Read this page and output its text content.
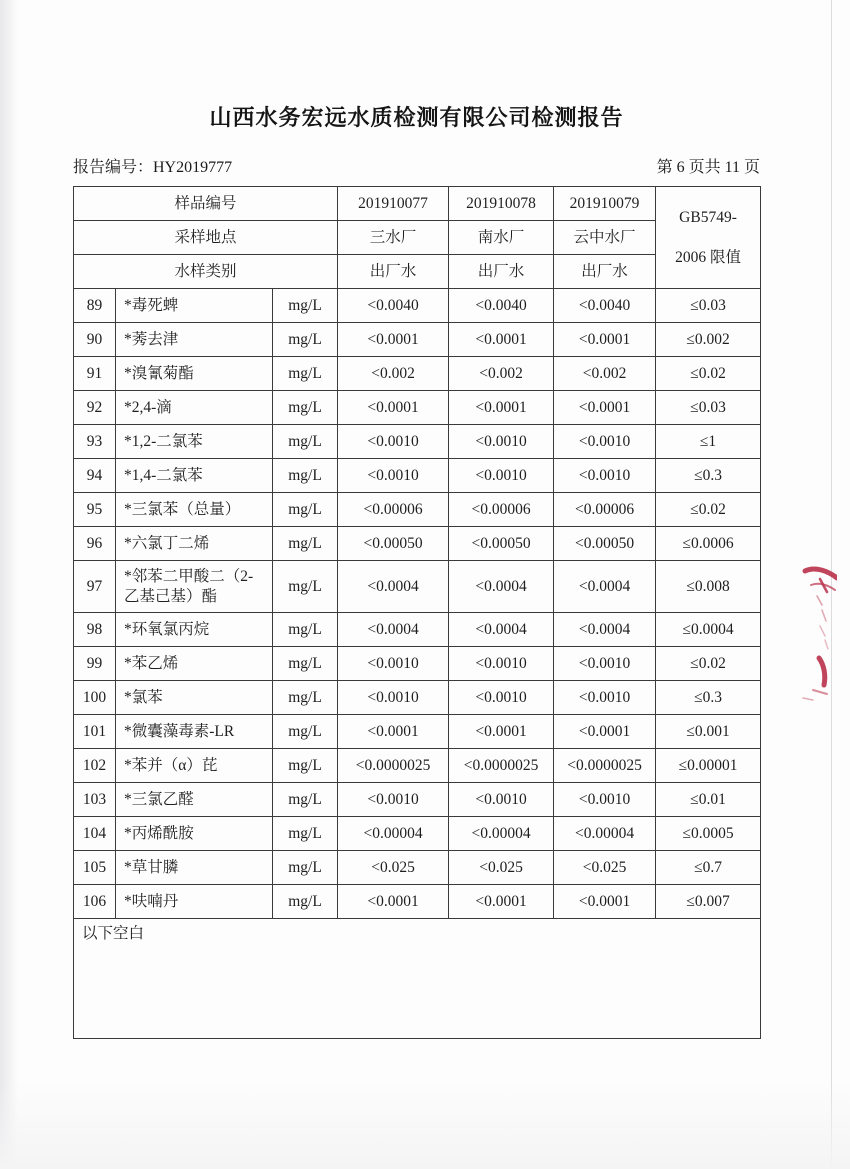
山西水务宏远水质检测有限公司检测报告
报告编号：HY2019777	第 6 页共 11 页
样品编号			201910077	201910078	201910079	GB5749-
2006 限值

采样地点			三水厂	南水厂	云中水厂	
水样类别			出厂水	出厂水	出厂水	
89	*毒死蜱	mg/L	<0.0040	<0.0040	<0.0040	≤0.03
90	*莠去津	mg/L	<0.0001	<0.0001	<0.0001	≤0.002
91	*溴氰菊酯	mg/L	<0.002	<0.002	<0.002	≤0.02
92	*2,4-滴	mg/L	<0.0001	<0.0001	<0.0001	≤0.03
93	*1,2-二氯苯	mg/L	<0.0010	<0.0010	<0.0010	≤1
94	*1,4-二氯苯	mg/L	<0.0010	<0.0010	<0.0010	≤0.3
95	*三氯苯（总量）	mg/L	<0.00006	<0.00006	<0.00006	≤0.02
96	*六氯丁二烯	mg/L	<0.00050	<0.00050	<0.00050	≤0.0006
97	*邻苯二甲酸二（2-乙基己基）酯	mg/L	<0.0004	<0.0004	<0.0004	≤0.008
98	*环氧氯丙烷	mg/L	<0.0004	<0.0004	<0.0004	≤0.0004
99	*苯乙烯	mg/L	<0.0010	<0.0010	<0.0010	≤0.02
100	*氯苯	mg/L	<0.0010	<0.0010	<0.0010	≤0.3
101	*微囊藻毒素-LR	mg/L	<0.0001	<0.0001	<0.0001	≤0.001
102	*苯并（α）芘	mg/L	<0.0000025	<0.0000025	<0.0000025	≤0.00001
103	*三氯乙醛	mg/L	<0.0010	<0.0010	<0.0010	≤0.01
104	*丙烯酰胺	mg/L	<0.00004	<0.00004	<0.00004	≤0.0005
105	*草甘膦	mg/L	<0.025	<0.025	<0.025	≤0.7
106	*呋喃丹	mg/L	<0.0001	<0.0001	<0.0001	≤0.007
以下空白						
